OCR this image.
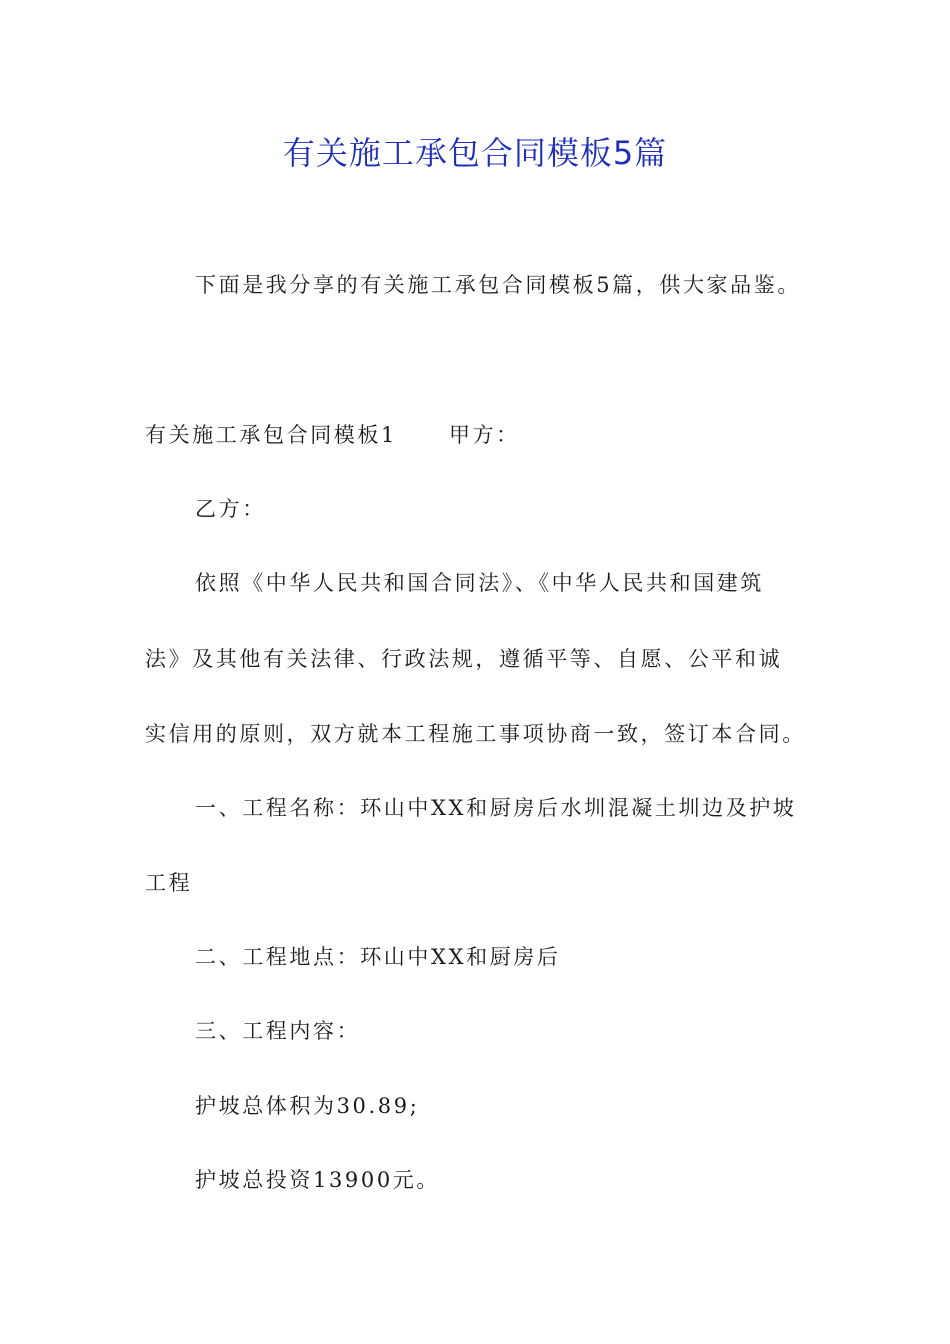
有关施工承包合同模板5篇

下面是我分享的有关施工承包合同模板5篇，供大家品鉴。

有关施工承包合同模板1 甲方：

乙方：

依照《中华人民共和国合同法》、《中华人民共和国建筑

法》及其他有关法律、行政法规，遵循平等、自愿、公平和诚

实信用的原则，双方就本工程施工事项协商一致，签订本合同。

一、工程名称：环山中XX和厨房后水圳混凝土圳边及护坡

工程

二、工程地点：环山中XX和厨房后

三、工程内容：

护坡总体积为30.89;

护坡总投资13900元。
